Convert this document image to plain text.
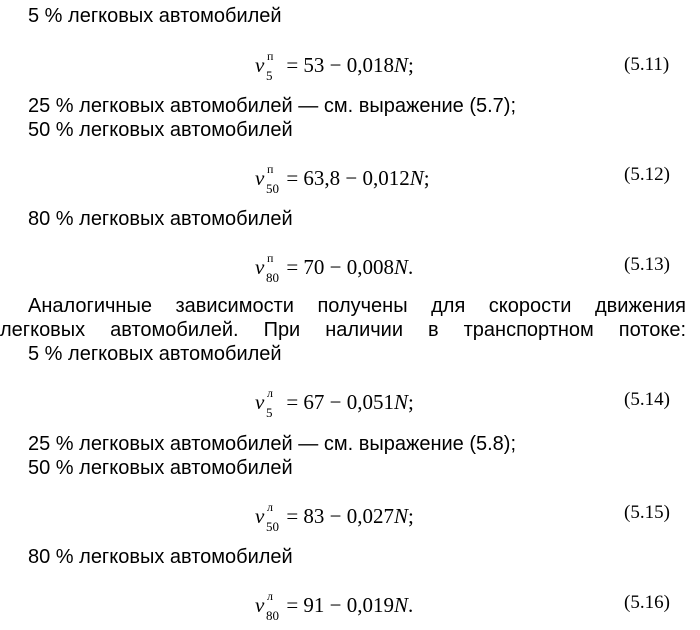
5 % легковых автомобилей
v п
5 = 53 − 0,018N;	(5.11)
25 % легковых автомобилей — см. выражение (5.7);
50 % легковых автомобилей
v п
50 = 63,8 − 0,012N;	(5.12)
80 % легковых автомобилей
v п
80 = 70 − 0,008N.	(5.13)
Аналогичные зависимости получены для скорости движения
легковых автомобилей. При наличии в транспортном потоке:
5 % легковых автомобилей
v л
5 = 67 − 0,051N;	(5.14)
25 % легковых автомобилей — см. выражение (5.8);
50 % легковых автомобилей
v л
50 = 83 − 0,027N;	(5.15)
80 % легковых автомобилей
v л
80 = 91 − 0,019N.	(5.16)
